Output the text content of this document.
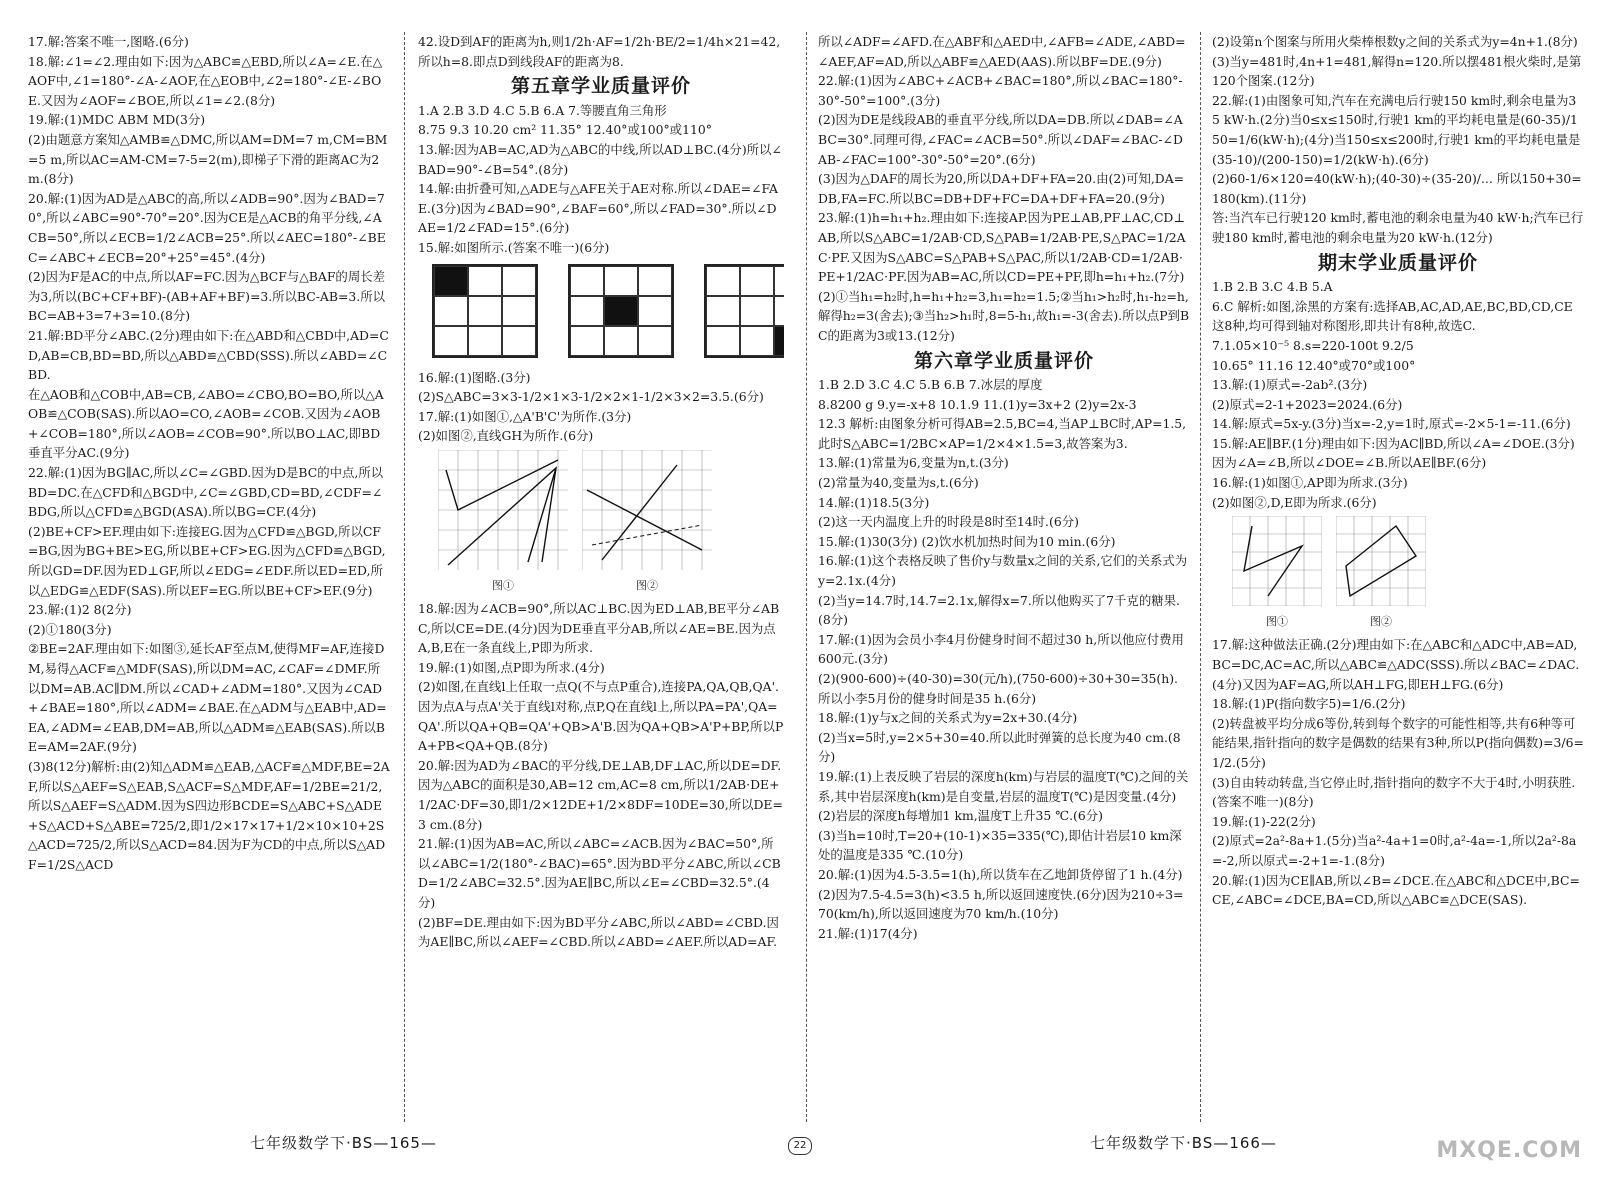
17.解:答案不唯一,图略.(6分)

18.解:∠1=∠2.理由如下:因为△ABC≌△EBD,所以∠A=∠E.在△AOF中,∠1=180°-∠A-∠AOF,在△EOB中,∠2=180°-∠E-∠BOE.又因为∠AOF=∠BOE,所以∠1=∠2.(8分)

19.解:(1)MDC ABM MD(3分)

(2)由题意方案知△AMB≌△DMC,所以AM=DM=7 m,CM=BM=5 m,所以AC=AM-CM=7-5=2(m),即梯子下滑的距离AC为2 m.(8分)

20.解:(1)因为AD是△ABC的高,所以∠ADB=90°.因为∠BAD=70°,所以∠ABC=90°-70°=20°.因为CE是△ACB的角平分线,∠ACB=50°,所以∠ECB=1/2∠ACB=25°.所以∠AEC=180°-∠BEC=∠ABC+∠ECB=20°+25°=45°.(4分)

(2)因为F是AC的中点,所以AF=FC.因为△BCF与△BAF的周长差为3,所以(BC+CF+BF)-(AB+AF+BF)=3.所以BC-AB=3.所以BC=AB+3=7+3=10.(8分)

21.解:BD平分∠ABC.(2分)理由如下:在△ABD和△CBD中,AD=CD,AB=CB,BD=BD,所以△ABD≌△CBD(SSS).所以∠ABD=∠CBD.

在△AOB和△COB中,AB=CB,∠ABO=∠CBO,BO=BO,所以△AOB≌△COB(SAS).所以AO=CO,∠AOB=∠COB.又因为∠AOB+∠COB=180°,所以∠AOB=∠COB=90°.所以BO⊥AC,即BD垂直平分AC.(9分)

22.解:(1)因为BG∥AC,所以∠C=∠GBD.因为D是BC的中点,所以BD=DC.在△CFD和△BGD中,∠C=∠GBD,CD=BD,∠CDF=∠BDG,所以△CFD≌△BGD(ASA).所以BG=CF.(4分)

(2)BE+CF>EF.理由如下:连接EG.因为△CFD≌△BGD,所以CF=BG,因为BG+BE>EG,所以BE+CF>EG.因为△CFD≌△BGD,所以GD=DF.因为ED⊥GF,所以∠EDG=∠EDF.所以ED=ED,所以△EDG≌△EDF(SAS).所以EF=EG.所以BE+CF>EF.(9分)

23.解:(1)2 8(2分)

(2)①180(3分)

②BE=2AF.理由如下:如图③,延长AF至点M,使得MF=AF,连接DM,易得△ACF≌△MDF(SAS),所以DM=AC,∠CAF=∠DMF.所以DM=AB.AC∥DM.所以∠CAD+∠ADM=180°.又因为∠CAD+∠BAE=180°,所以∠ADM=∠BAE.在△ADM与△EAB中,AD=EA,∠ADM=∠EAB,DM=AB,所以△ADM≌△EAB(SAS).所以BE=AM=2AF.(9分)

(3)8(12分)解析:由(2)知△ADM≌△EAB,△ACF≌△MDF,BE=2AF,所以S△AEF=S△EAB,S△ACF=S△MDF,AF=1/2BE=21/2,所以S△AEF=S△ADM.因为S四边形BCDE=S△ABC+S△ADE+S△ACD+S△ABE=725/2,即1/2×17×17+1/2×10×10+2S△ACD=725/2,所以S△ACD=84.因为F为CD的中点,所以S△ADF=1/2S△ACD

42.设D到AF的距离为h,则1/2h·AF=1/2h·BE/2=1/4h×21=42,所以h=8.即点D到线段AF的距离为8.

第五章学业质量评价

1.A 2.B 3.D 4.C 5.B 6.A 7.等腰直角三角形

8.75 9.3 10.20 cm² 11.35° 12.40°或100°或110°

13.解:因为AB=AC,AD为△ABC的中线,所以AD⊥BC.(4分)所以∠BAD=90°-∠B=54°.(8分)

14.解:由折叠可知,△ADE与△AFE关于AE对称.所以∠DAE=∠FAE.(3分)因为∠BAD=90°,∠BAF=60°,所以∠FAD=30°.所以∠DAE=1/2∠FAD=15°.(6分)

15.解:如图所示.(答案不唯一)(6分)

16.解:(1)图略.(3分)

(2)S△ABC=3×3-1/2×1×3-1/2×2×1-1/2×3×2=3.5.(6分)

17.解:(1)如图①,△A'B'C'为所作.(3分)

(2)如图②,直线GH为所作.(6分)

图①	图②

18.解:因为∠ACB=90°,所以AC⊥BC.因为ED⊥AB,BE平分∠ABC,所以CE=DE.(4分)因为DE垂直平分AB,所以∠AE=BE.因为点A,B,E在一条直线上,P即为所求.

19.解:(1)如图,点P即为所求.(4分)

(2)如图,在直线l上任取一点Q(不与点P重合),连接PA,QA,QB,QA'.因为点A与点A'关于直线l对称,点P,Q在直线l上,所以PA=PA',QA=QA'.所以QA+QB=QA'+QB>A'B.因为QA+QB>A'P+BP,所以PA+PB<QA+QB.(8分)

20.解:因为AD为∠BAC的平分线,DE⊥AB,DF⊥AC,所以DE=DF.因为△ABC的面积是30,AB=12 cm,AC=8 cm,所以1/2AB·DE+1/2AC·DF=30,即1/2×12DE+1/2×8DF=10DE=30,所以DE=3 cm.(8分)

21.解:(1)因为AB=AC,所以∠ABC=∠ACB.因为∠BAC=50°,所以∠ABC=1/2(180°-∠BAC)=65°.因为BD平分∠ABC,所以∠CBD=1/2∠ABC=32.5°.因为AE∥BC,所以∠E=∠CBD=32.5°.(4分)

(2)BF=DE.理由如下:因为BD平分∠ABC,所以∠ABD=∠CBD.因为AE∥BC,所以∠AEF=∠CBD.所以∠ABD=∠AEF.所以AD=AF.

七年级数学下·BS—165—

所以∠ADF=∠AFD.在△ABF和△AED中,∠AFB=∠ADE,∠ABD=∠AEF,AF=AD,所以△ABF≌△AED(AAS).所以BF=DE.(9分)

22.解:(1)因为∠ABC+∠ACB+∠BAC=180°,所以∠BAC=180°-30°-50°=100°.(3分)

(2)因为DE是线段AB的垂直平分线,所以DA=DB.所以∠DAB=∠ABC=30°.同理可得,∠FAC=∠ACB=50°.所以∠DAF=∠BAC-∠DAB-∠FAC=100°-30°-50°=20°.(6分)

(3)因为△DAF的周长为20,所以DA+DF+FA=20.由(2)可知,DA=DB,FA=FC.所以BC=DB+DF+FC=DA+DF+FA=20.(9分)

23.解:(1)h=h₁+h₂.理由如下:连接AP.因为PE⊥AB,PF⊥AC,CD⊥AB,所以S△ABC=1/2AB·CD,S△PAB=1/2AB·PE,S△PAC=1/2AC·PF.又因为S△ABC=S△PAB+S△PAC,所以1/2AB·CD=1/2AB·PE+1/2AC·PF.因为AB=AC,所以CD=PE+PF,即h=h₁+h₂.(7分)

(2)①当h₁=h₂时,h=h₁+h₂=3,h₁=h₂=1.5;②当h₁>h₂时,h₁-h₂=h,解得h₂=3(舍去);③当h₂>h₁时,8=5-h₁,故h₁=-3(舍去).所以点P到BC的距离为3或13.(12分)

第六章学业质量评价

1.B 2.D 3.C 4.C 5.B 6.B 7.冰层的厚度

8.8200 g 9.y=-x+8 10.1.9 11.(1)y=3x+2 (2)y=2x-3

12.3 解析:由图象分析可得AB=2.5,BC=4,当AP⊥BC时,AP=1.5,此时S△ABC=1/2BC×AP=1/2×4×1.5=3,故答案为3.

13.解:(1)常量为6,变量为n,t.(3分)

(2)常量为40,变量为s,t.(6分)

14.解:(1)18.5(3分)

(2)这一天内温度上升的时段是8时至14时.(6分)

15.解:(1)30(3分) (2)饮水机加热时间为10 min.(6分)

16.解:(1)这个表格反映了售价y与数量x之间的关系,它们的关系式为y=2.1x.(4分)

(2)当y=14.7时,14.7=2.1x,解得x=7.所以他购买了7千克的糖果.(8分)

17.解:(1)因为会员小李4月份健身时间不超过30 h,所以他应付费用600元.(3分)

(2)(900-600)÷(40-30)=30(元/h),(750-600)÷30+30=35(h).所以小李5月份的健身时间是35 h.(6分)

18.解:(1)y与x之间的关系式为y=2x+30.(4分)

(2)当x=5时,y=2×5+30=40.所以此时弹簧的总长度为40 cm.(8分)

19.解:(1)上表反映了岩层的深度h(km)与岩层的温度T(℃)之间的关系,其中岩层深度h(km)是自变量,岩层的温度T(℃)是因变量.(4分)

(2)岩层的深度h每增加1 km,温度T上升35 ℃.(6分)

(3)当h=10时,T=20+(10-1)×35=335(℃),即估计岩层10 km深处的温度是335 ℃.(10分)

20.解:(1)因为4.5-3.5=1(h),所以货车在乙地卸货停留了1 h.(4分)

(2)因为7.5-4.5=3(h)<3.5 h,所以返回速度快.(6分)因为210÷3=70(km/h),所以返回速度为70 km/h.(10分)

21.解:(1)17(4分)

(2)设第n个图案与所用火柴棒根数y之间的关系式为y=4n+1.(8分)

(3)当y=481时,4n+1=481,解得n=120.所以摆481根火柴时,是第120个图案.(12分)

22.解:(1)由图象可知,汽车在充满电后行驶150 km时,剩余电量为35 kW·h.(2分)当0≤x≤150时,行驶1 km的平均耗电量是(60-35)/150=1/6(kW·h);(4分)当150≤x≤200时,行驶1 km的平均耗电量是(35-10)/(200-150)=1/2(kW·h).(6分)

(2)60-1/6×120=40(kW·h);(40-30)÷(35-20)/... 所以150+30=180(km).(11分)

答:当汽车已行驶120 km时,蓄电池的剩余电量为40 kW·h;汽车已行驶180 km时,蓄电池的剩余电量为20 kW·h.(12分)

期末学业质量评价

1.B 2.B 3.C 4.B 5.A

6.C 解析:如图,涂黑的方案有:选择AB,AC,AD,AE,BC,BD,CD,CE这8种,均可得到轴对称图形,即共计有8种,故选C.

7.1.05×10⁻⁵ 8.s=220-100t 9.2/5

10.65° 11.16 12.40°或70°或100°

13.解:(1)原式=-2ab².(3分)

(2)原式=2-1+2023=2024.(6分)

14.解:原式=5x-y.(3分)当x=-2,y=1时,原式=-2×5-1=-11.(6分)

15.解:AE∥BF.(1分)理由如下:因为AC∥BD,所以∠A=∠DOE.(3分)因为∠A=∠B,所以∠DOE=∠B.所以AE∥BF.(6分)

16.解:(1)如图①,AP即为所求.(3分)

(2)如图②,D,E即为所求.(6分)

图①	图②

17.解:这种做法正确.(2分)理由如下:在△ABC和△ADC中,AB=AD,BC=DC,AC=AC,所以△ABC≌△ADC(SSS).所以∠BAC=∠DAC.(4分)又因为AF=AG,所以AH⊥FG,即EH⊥FG.(6分)

18.解:(1)P(指向数字5)=1/6.(2分)

(2)转盘被平均分成6等份,转到每个数字的可能性相等,共有6种等可能结果,指针指向的数字是偶数的结果有3种,所以P(指向偶数)=3/6=1/2.(5分)

(3)自由转动转盘,当它停止时,指针指向的数字不大于4时,小明获胜.(答案不唯一)(8分)

19.解:(1)-22(2分)

(2)原式=2a²-8a+1.(5分)当a²-4a+1=0时,a²-4a=-1,所以2a²-8a=-2,所以原式=-2+1=-1.(8分)

20.解:(1)因为CE∥AB,所以∠B=∠DCE.在△ABC和△DCE中,BC=CE,∠ABC=∠DCE,BA=CD,所以△ABC≌△DCE(SAS).

七年级数学下·BS—166—	MXQE.COM
22
